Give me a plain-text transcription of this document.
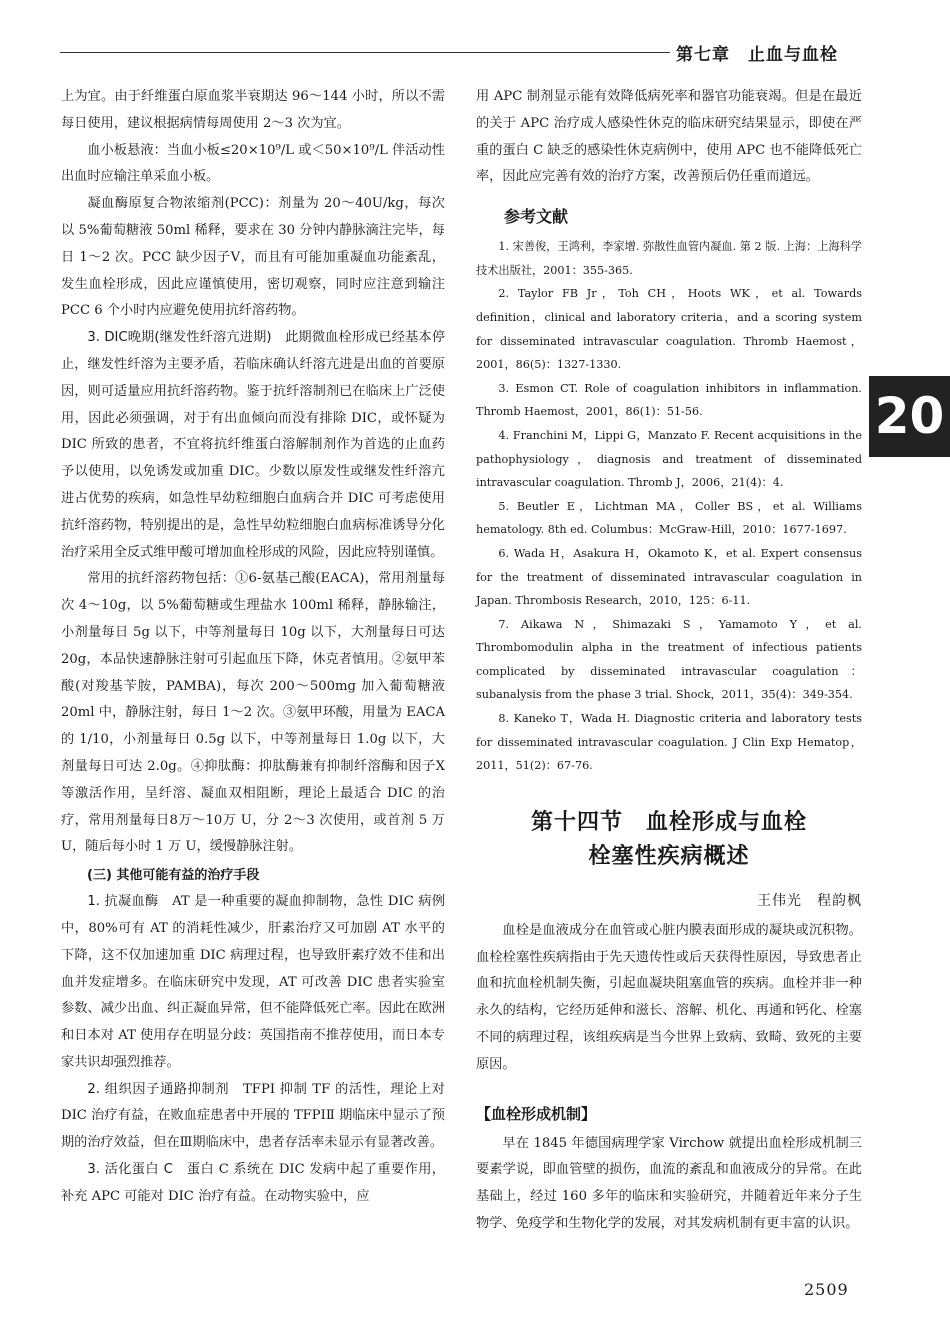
第七章　止血与血栓

上为宜。由于纤维蛋白原血浆半衰期达 96～144 小时，所以不需每日使用，建议根据病情每周使用 2～3 次为宜。

血小板悬液：当血小板≤20×10⁹/L 或＜50×10⁹/L 伴活动性出血时应输注单采血小板。

凝血酶原复合物浓缩剂(PCC)：剂量为 20～40U/kg，每次以 5%葡萄糖液 50ml 稀释，要求在 30 分钟内静脉滴注完毕，每日 1～2 次。PCC 缺少因子Ⅴ，而且有可能加重凝血功能紊乱，发生血栓形成，因此应谨慎使用，密切观察，同时应注意到输注 PCC 6 个小时内应避免使用抗纤溶药物。

3. DIC晚期(继发性纤溶亢进期)　 此期微血栓形成已经基本停止，继发性纤溶为主要矛盾，若临床确认纤溶亢进是出血的首要原因，则可适量应用抗纤溶药物。鉴于抗纤溶制剂已在临床上广泛使用，因此必须强调，对于有出血倾向而没有排除 DIC，或怀疑为 DIC 所致的患者，不宜将抗纤维蛋白溶解制剂作为首选的止血药予以使用，以免诱发或加重 DIC。少数以原发性或继发性纤溶亢进占优势的疾病，如急性早幼粒细胞白血病合并 DIC 可考虑使用抗纤溶药物，特别提出的是，急性早幼粒细胞白血病标准诱导分化治疗采用全反式维甲酸可增加血栓形成的风险，因此应特别谨慎。

常用的抗纤溶药物包括：①6-氨基己酸(EACA)，常用剂量每次 4～10g，以 5%葡萄糖或生理盐水 100ml 稀释，静脉输注，小剂量每日 5g 以下，中等剂量每日 10g 以下，大剂量每日可达 20g，本品快速静脉注射可引起血压下降，休克者慎用。②氨甲苯酸(对羧基苄胺，PAMBA)，每次 200～500mg 加入葡萄糖液 20ml 中，静脉注射，每日 1～2 次。③氨甲环酸，用量为 EACA 的 1/10，小剂量每日 0.5g 以下，中等剂量每日 1.0g 以下，大剂量每日可达 2.0g。④抑肽酶：抑肽酶兼有抑制纤溶酶和因子Ⅹ等激活作用，呈纤溶、凝血双相阻断，理论上最适合 DIC 的治疗，常用剂量每日8万～10万 U，分 2～3 次使用，或首剂 5 万 U，随后每小时 1 万 U，缓慢静脉注射。

(三) 其他可能有益的治疗手段

1. 抗凝血酶　 AT 是一种重要的凝血抑制物，急性 DIC 病例中，80%可有 AT 的消耗性减少，肝素治疗又可加剧 AT 水平的下降，这不仅加速加重 DIC 病理过程，也导致肝素疗效不佳和出血并发症增多。在临床研究中发现，AT 可改善 DIC 患者实验室参数、减少出血、纠正凝血异常，但不能降低死亡率。因此在欧洲和日本对 AT 使用存在明显分歧：英国指南不推荐使用，而日本专家共识却强烈推荐。

2. 组织因子通路抑制剂　 TFPI 抑制 TF 的活性，理论上对 DIC 治疗有益，在败血症患者中开展的 TFPIⅡ 期临床中显示了预期的治疗效益，但在Ⅲ期临床中，患者存活率未显示有显著改善。

3. 活化蛋白 C　 蛋白 C 系统在 DIC 发病中起了重要作用，补充 APC 可能对 DIC 治疗有益。在动物实验中，应

用 APC 制剂显示能有效降低病死率和器官功能衰竭。但是在最近的关于 APC 治疗成人感染性休克的临床研究结果显示，即使在严重的蛋白 C 缺乏的感染性休克病例中，使用 APC 也不能降低死亡率，因此应完善有效的治疗方案，改善预后仍任重而道远。

参考文献
1. 宋善俊，王鸿利，李家增. 弥散性血管内凝血. 第 2 版. 上海：上海科学技术出版社，2001：355-365.
2. Taylor FB Jr，Toh CH，Hoots WK，et al. Towards definition，clinical and laboratory criteria，and a scoring system for disseminated intravascular coagulation. Thromb Haemost，2001，86(5)：1327-1330.
3. Esmon CT. Role of coagulation inhibitors in inflammation. Thromb Haemost，2001，86(1)：51-56.
4. Franchini M，Lippi G，Manzato F. Recent acquisitions in the pathophysiology，diagnosis and treatment of disseminated intravascular coagulation. Thromb J，2006，21(4)：4.
5. Beutler E，Lichtman MA，Coller BS，et al. Williams hematology. 8th ed. Columbus：McGraw-Hill，2010：1677-1697.
6. Wada H，Asakura H，Okamoto K，et al. Expert consensus for the treatment of disseminated intravascular coagulation in Japan. Thrombosis Research，2010，125：6-11.
7. Aikawa N，Shimazaki S，Yamamoto Y，et al. Thrombomodulin alpha in the treatment of infectious patients complicated by disseminated intravascular coagulation：subanalysis from the phase 3 trial. Shock，2011，35(4)：349-354.
8. Kaneko T，Wada H. Diagnostic criteria and laboratory tests for disseminated intravascular coagulation. J Clin Exp Hematop，2011，51(2)：67-76.
第十四节　血栓形成与血栓
栓塞性疾病概述
王伟光　程韵枫

血栓是血液成分在血管或心脏内膜表面形成的凝块或沉积物。血栓栓塞性疾病指由于先天遗传性或后天获得性原因，导致患者止血和抗血栓机制失衡，引起血凝块阻塞血管的疾病。血栓并非一种永久的结构，它经历延伸和滋长、溶解、机化、再通和钙化、栓塞不同的病理过程，该组疾病是当今世界上致病、致畸、致死的主要原因。

【血栓形成机制】

早在 1845 年德国病理学家 Virchow 就提出血栓形成机制三要素学说，即血管壁的损伤，血流的紊乱和血液成分的异常。在此基础上，经过 160 多年的临床和实验研究，并随着近年来分子生物学、免疫学和生物化学的发展，对其发病机制有更丰富的认识。

20
2509
